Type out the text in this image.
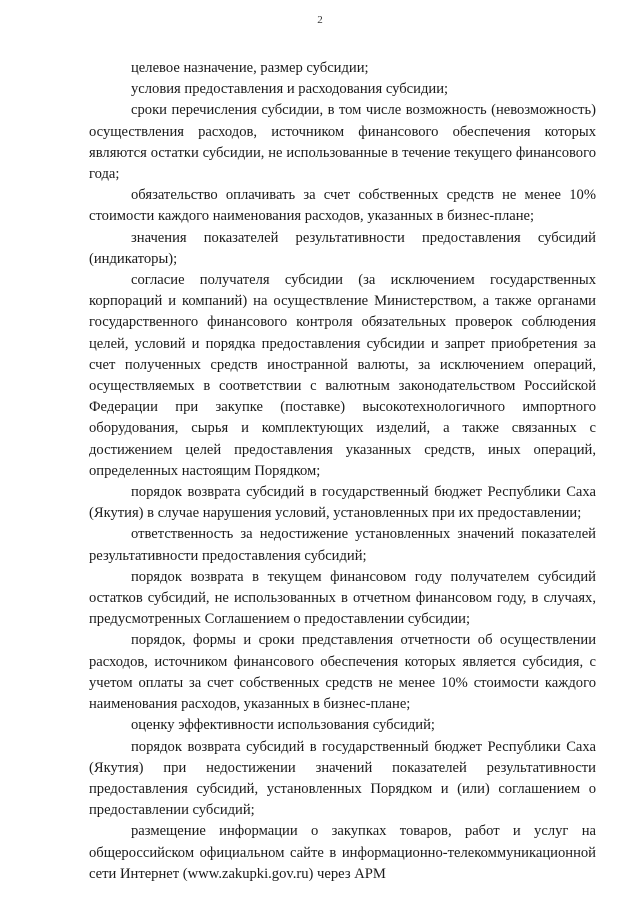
2

целевое назначение, размер субсидии;

условия предоставления и расходования субсидии;

сроки перечисления субсидии, в том числе возможность (невозможность) осуществления расходов, источником финансового обеспечения которых являются остатки субсидии, не использованные в течение текущего финансового года;

обязательство оплачивать за счет собственных средств не менее 10% стоимости каждого наименования расходов, указанных в бизнес-плане;

значения показателей результативности предоставления субсидий (индикаторы);

согласие получателя субсидии (за исключением государственных корпораций и компаний) на осуществление Министерством, а также органами государственного финансового контроля обязательных проверок соблюдения целей, условий и порядка предоставления субсидии и запрет приобретения за счет полученных средств иностранной валюты, за исключением операций, осуществляемых в соответствии с валютным законодательством Российской Федерации при закупке (поставке) высокотехнологичного импортного оборудования, сырья и комплектующих изделий, а также связанных с достижением целей предоставления указанных средств, иных операций, определенных настоящим Порядком;

порядок возврата субсидий в государственный бюджет Республики Саха (Якутия) в случае нарушения условий, установленных при их предоставлении;

ответственность за недостижение установленных значений показателей результативности предоставления субсидий;

порядок возврата в текущем финансовом году получателем субсидий остатков субсидий, не использованных в отчетном финансовом году, в случаях, предусмотренных Соглашением о предоставлении субсидии;

порядок, формы и сроки представления отчетности об осуществлении расходов, источником финансового обеспечения которых является субсидия, с учетом оплаты за счет собственных средств не менее 10% стоимости каждого наименования расходов, указанных в бизнес-плане;

оценку эффективности использования субсидий;

порядок возврата субсидий в государственный бюджет Республики Саха (Якутия) при недостижении значений показателей результативности предоставления субсидий, установленных Порядком и (или) соглашением о предоставлении субсидий;

размещение информации о закупках товаров, работ и услуг на общероссийском официальном сайте в информационно-телекоммуникационной сети Интернет (www.zakupki.gov.ru) через АРМ
